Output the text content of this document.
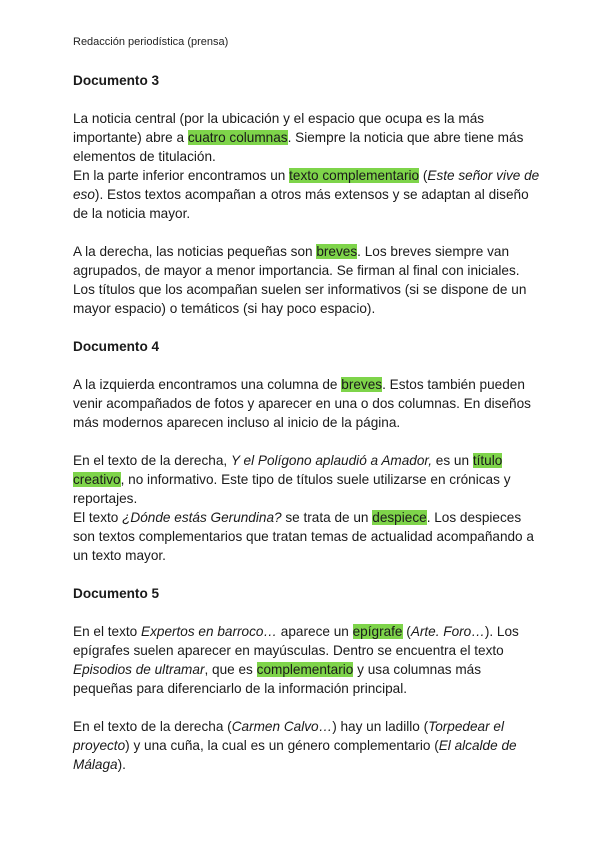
Redacción periodística (prensa)
Documento 3

La noticia central (por la ubicación y el espacio que ocupa es la más importante) abre a cuatro columnas. Siempre la noticia que abre tiene más elementos de titulación.
En la parte inferior encontramos un texto complementario (Este señor vive de eso). Estos textos acompañan a otros más extensos y se adaptan al diseño de la noticia mayor.

A la derecha, las noticias pequeñas son breves. Los breves siempre van agrupados, de mayor a menor importancia. Se firman al final con iniciales. Los títulos que los acompañan suelen ser informativos (si se dispone de un mayor espacio) o temáticos (si hay poco espacio).

Documento 4

A la izquierda encontramos una columna de breves. Estos también pueden venir acompañados de fotos y aparecer en una o dos columnas. En diseños más modernos aparecen incluso al inicio de la página.

En el texto de la derecha, Y el Polígono aplaudió a Amador, es un título creativo, no informativo. Este tipo de títulos suele utilizarse en crónicas y reportajes.
El texto ¿Dónde estás Gerundina? se trata de un despiece. Los despieces son textos complementarios que tratan temas de actualidad acompañando a un texto mayor.

Documento 5

En el texto Expertos en barroco… aparece un epígrafe (Arte. Foro…). Los epígrafes suelen aparecer en mayúsculas. Dentro se encuentra el texto Episodios de ultramar, que es complementario y usa columnas más pequeñas para diferenciarlo de la información principal.

En el texto de la derecha (Carmen Calvo…) hay un ladillo (Torpedear el proyecto) y una cuña, la cual es un género complementario (El alcalde de Málaga).
